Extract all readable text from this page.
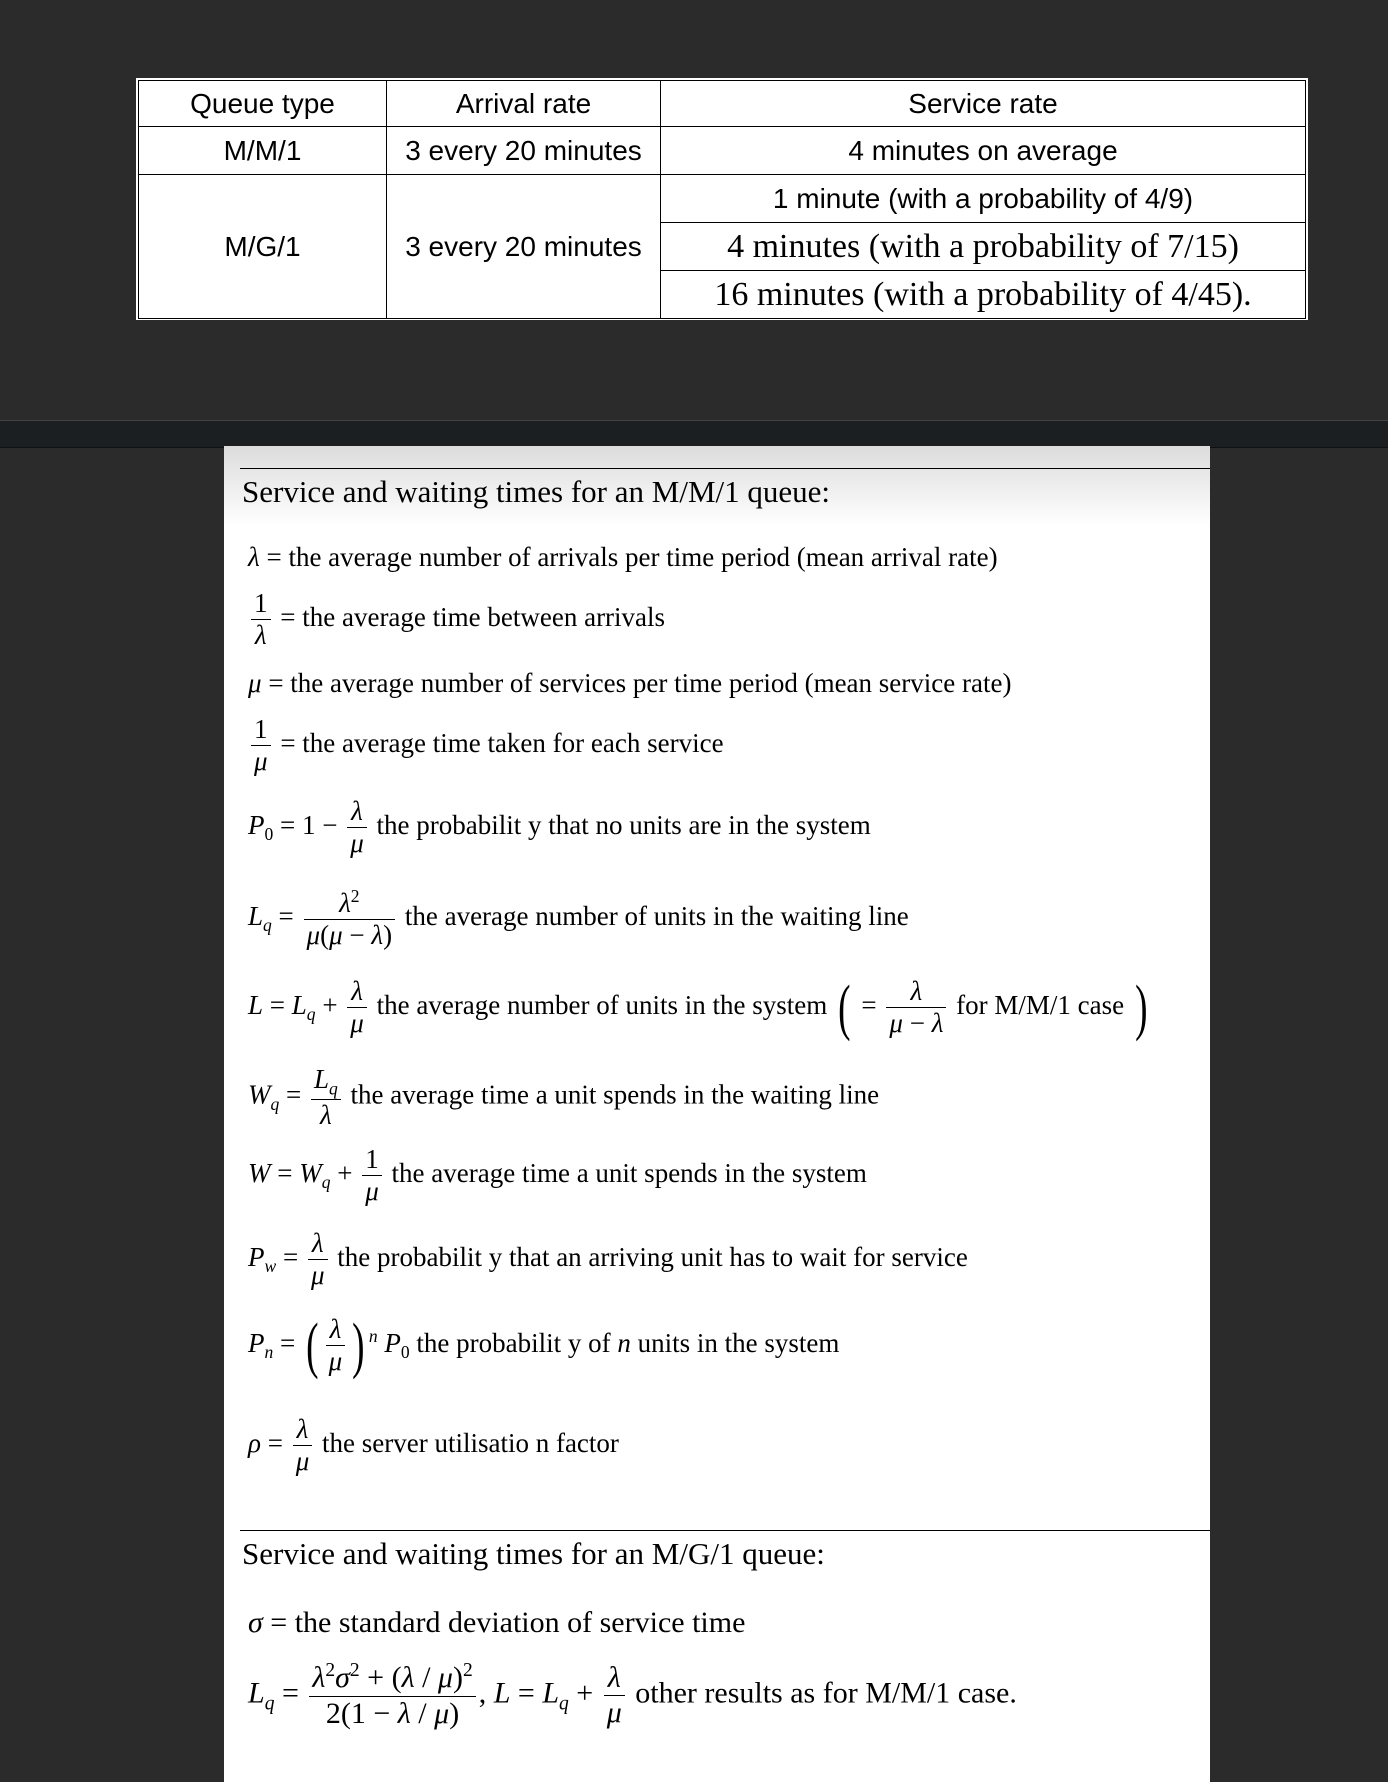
Queue type	Arrival rate	Service rate
M/M/1	3 every 20 minutes	4 minutes on average
M/G/1	3 every 20 minutes	1 minute (with a probability of 4/9)
		4 minutes (with a probability of 7/15)
		16 minutes (with a probability of 4/45).
Service and waiting times for an M/M/1 queue:
λ = the average number of arrivals per time period (mean arrival rate)
$\frac{1}{\lambda}$ = the average time between arrivals
μ = the average number of services per time period (mean service rate)
$\frac{1}{\mu}$ = the average time taken for each service
$P_0 = 1 - \frac{\lambda}{\mu}$ the probabilit y that no units are in the system
$L_q = \frac{\lambda^2}{\mu(\mu - \lambda)}$ the average number of units in the waiting line
$L = L_q + \frac{\lambda}{\mu}$ the average number of units in the system ( = $\frac{\lambda}{\mu - \lambda}$ for M/M/1 case )
$W_q = \frac{L_q}{\lambda}$ the average time a unit spends in the waiting line
$W = W_q + \frac{1}{\mu}$ the average time a unit spends in the system
$P_w = \frac{\lambda}{\mu}$ the probabilit y that an arriving unit has to wait for service
$P_n$ = ( $\frac{\lambda}{\mu}$ ) $^n$ $P_0$ the probabilit y of n units in the system
$\rho = \frac{\lambda}{\mu}$ the server utilisatio n factor
Service and waiting times for an M/G/1 queue:
σ = the standard deviation of service time
$L_q = \frac{\lambda^2\sigma^2 + (\lambda / \mu)^2}{2(1 - \lambda / \mu)}$ , $L = L_q + \frac{\lambda}{\mu}$ other results as for M/M/1 case.
